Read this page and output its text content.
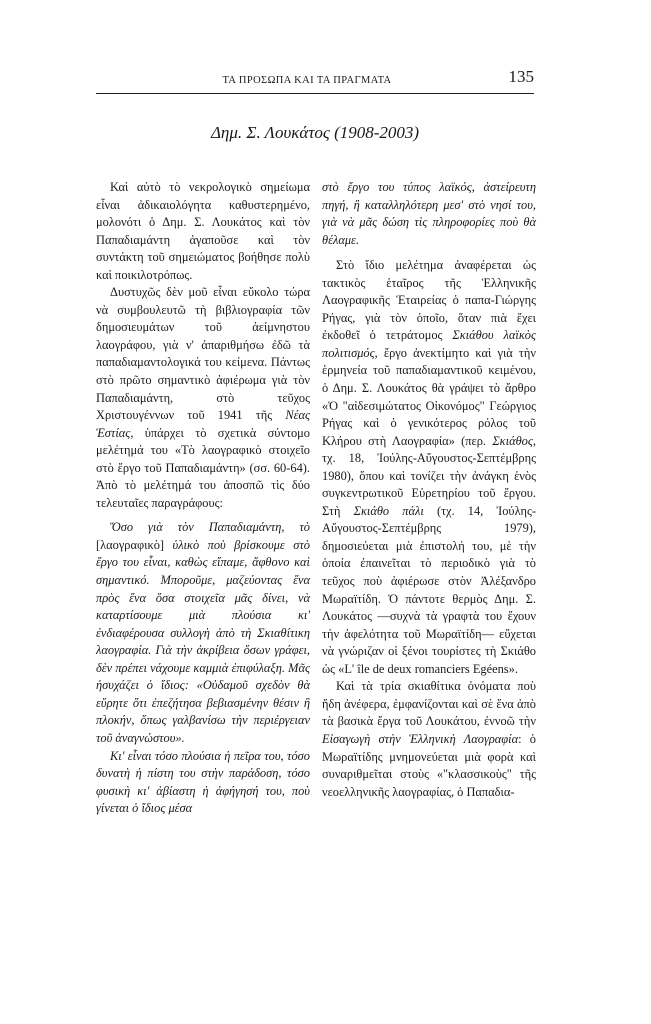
ΤΑ ΠΡΟΣΩΠΑ ΚΑΙ ΤΑ ΠΡΑΓΜΑΤΑ	135
Δημ. Σ. Λουκάτος (1908-2003)

Καὶ αὐτὸ τὸ νεκρολογικὸ σημείωμα εἶναι ἀδικαιολόγητα καθυστερημένο, μολονότι ὁ Δημ. Σ. Λουκάτος καὶ τὸν Παπαδιαμάντη ἀγαποῦσε καὶ τὸν συντάκτη τοῦ σημειώματος βοήθησε πολὺ καὶ ποικιλοτρόπως.

Δυστυχῶς δὲν μοῦ εἶναι εὔκολο τώρα νὰ συμβουλευτῶ τὴ βιβλιογραφία τῶν δημοσιευμάτων τοῦ ἀείμνηστου λαογράφου, γιὰ ν' ἀπαριθμήσω ἐδῶ τὰ παπαδιαμαντολογικά του κείμενα. Πάντως στὸ πρῶτο σημαντικὸ ἀφιέρωμα γιὰ τὸν Παπαδιαμάντη, στὸ τεῦχος Χριστουγέννων τοῦ 1941 τῆς Νέας Ἑστίας, ὑπάρχει τὸ σχετικὰ σύντομο μελέτημά του «Τὸ λαογραφικὸ στοιχεῖο στὸ ἔργο τοῦ Παπαδιαμάντη» (σσ. 60-64). Ἀπὸ τὸ μελέτημά του ἀποσπῶ τὶς δύο τελευταῖες παραγράφους:

Ὅσο γιὰ τὸν Παπαδιαμάντη, τὸ [λαογραφικὸ] ὑλικὸ ποὺ βρίσκουμε στὸ ἔργο του εἶναι, καθὼς εἴπαμε, ἄφθονο καὶ σημαντικό. Μποροῦμε, μαζεύοντας ἕνα πρὸς ἕνα ὅσα στοιχεῖα μᾶς δίνει, νὰ καταρτίσουμε μιὰ πλούσια κι' ἐνδιαφέρουσα συλλογὴ ἀπὸ τὴ Σκιαθίτικη λαογραφία. Γιὰ τὴν ἀκρίβεια ὅσων γράφει, δὲν πρέπει νάχουμε καμμιὰ ἐπιφύλαξη. Μᾶς ἡσυχάζει ὁ ἴδιος: «Οὐδαμοῦ σχεδὸν θὰ εὕρητε ὅτι ἐπεζήτησα βεβιασμένην θέσιν ἢ πλοκήν, ὅπως γαλβανίσω τὴν περιέργειαν τοῦ ἀναγνώστου».

Κι' εἶναι τόσο πλούσια ἡ πεῖρα του, τόσο δυνατὴ ἡ πίστη του στὴν παράδοση, τόσο φυσικὴ κι' ἀβίαστη ἡ ἀφήγησή του, ποὺ γίνεται ὁ ἴδιος μέσα

στὸ ἔργο του τύπος λαϊκός, ἀστείρευτη πηγή, ἢ καταλληλότερη μεσ' στὸ νησί του, γιὰ νὰ μᾶς δώση τὶς πληροφορίες ποὺ θὰ θέλαμε.

Στὸ ἴδιο μελέτημα ἀναφέρεται ὡς τακτικὸς ἑταῖρος τῆς Ἑλληνικῆς Λαογραφικῆς Ἑταιρείας ὁ παπα-Γιώργης Ρήγας, γιὰ τὸν ὁποῖο, ὅταν πιὰ ἔχει ἐκδοθεῖ ὁ τετράτομος Σκιάθου λαϊκὸς πολιτισμός, ἔργο ἀνεκτίμητο καὶ γιὰ τὴν ἑρμηνεία τοῦ παπαδιαμαντικοῦ κειμένου, ὁ Δημ. Σ. Λουκάτος θὰ γράψει τὸ ἄρθρο «Ὁ "αἰδεσιμώτατος Οἰκονόμος" Γεώργιος Ρήγας καὶ ὁ γενικότερος ρόλος τοῦ Κλήρου στὴ Λαογραφία» (περ. Σκιάθος, τχ. 18, Ἰούλης-Αὔγουστος-Σεπτέμβρης 1980), ὅπου καὶ τονίζει τὴν ἀνάγκη ἑνὸς συγκεντρωτικοῦ Εὑρετηρίου τοῦ ἔργου. Στὴ Σκιάθο πάλι (τχ. 14, Ἰούλης-Αὔγουστος-Σεπτέμβρης 1979), δημοσιεύεται μιὰ ἐπιστολή του, μὲ τὴν ὁποία ἐπαινεῖται τὸ περιοδικὸ γιὰ τὸ τεῦχος ποὺ ἀφιέρωσε στὸν Ἀλέξανδρο Μωραϊτίδη. Ὁ πάντοτε θερμὸς Δημ. Σ. Λουκάτος —συχνὰ τὰ γραφτὰ του ἔχουν τὴν ἀφελότητα τοῦ Μωραϊτίδη— εὔχεται νὰ γνώριζαν οἱ ξένοι τουρίστες τὴ Σκιάθο ὡς «L' île de deux romanciers Egéens».

Καὶ τὰ τρία σκιαθίτικα ὀνόματα ποὺ ἤδη ἀνέφερα, ἐμφανίζονται καὶ σὲ ἕνα ἀπὸ τὰ βασικὰ ἔργα τοῦ Λουκάτου, ἐννοῶ τὴν Εἰσαγωγὴ στὴν Ἑλληνικὴ Λαογραφία: ὁ Μωραϊτίδης μνημονεύεται μιὰ φορὰ καὶ συναριθμεῖται στοὺς «"κλασσικοὺς" τῆς νεοελληνικῆς λαογραφίας, ὁ Παπαδια-
